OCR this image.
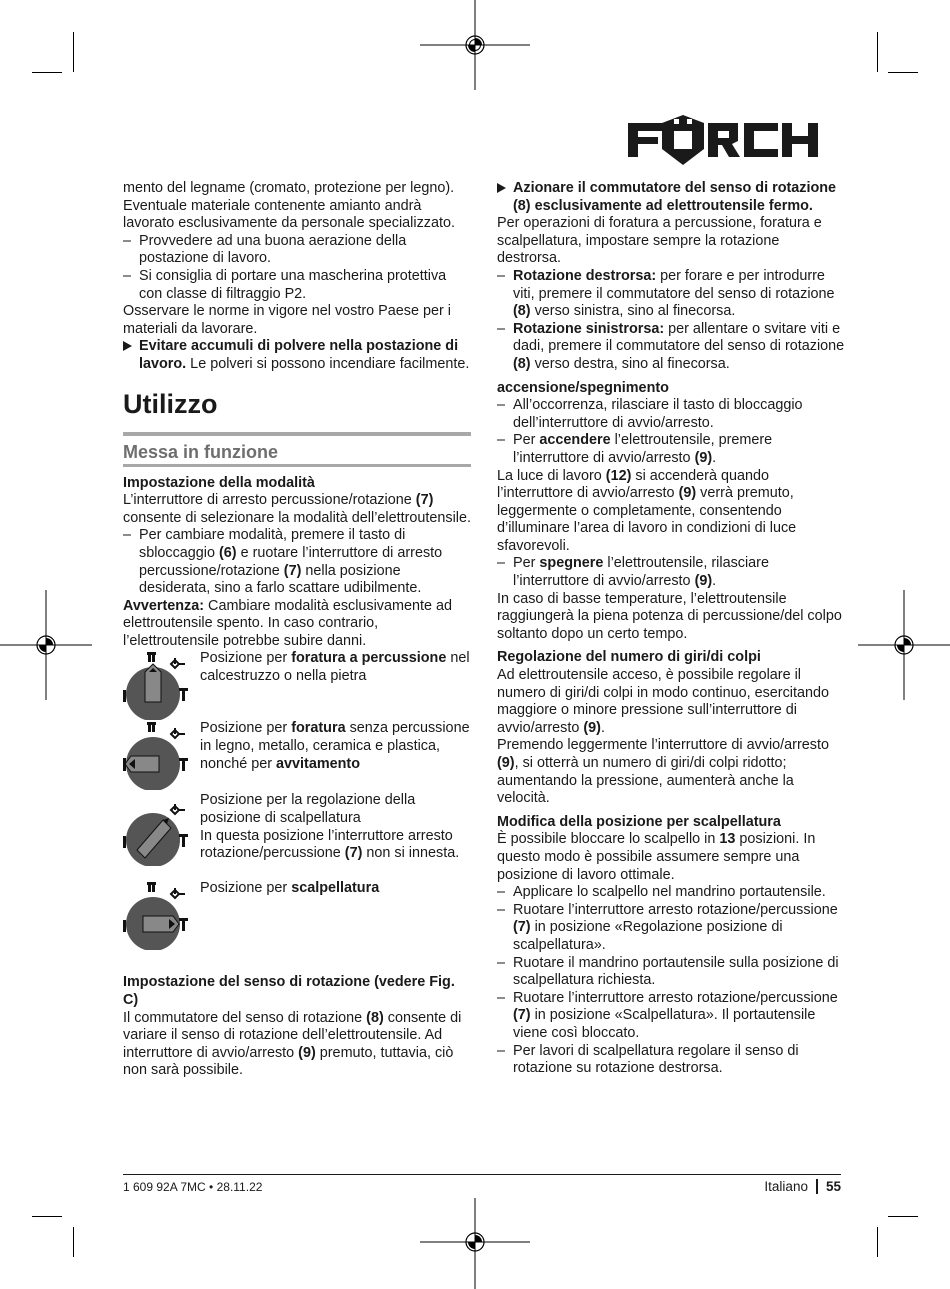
mento del legname (cromato, protezione per legno). Eventuale materiale contenente amianto andrà lavorato esclusivamente da personale specializzato.

– Provvedere ad una buona aerazione della postazione di lavoro.

– Si consiglia di portare una mascherina protettiva con classe di filtraggio P2.

Osservare le norme in vigore nel vostro Paese per i materiali da lavorare.

Evitare accumuli di polvere nella postazione di lavoro. Le polveri si possono incendiare facilmente.

Utilizzo
Messa in funzione

Impostazione della modalità

L’interruttore di arresto percussione/rotazione (7) consente di selezionare la modalità dell’elettroutensile.

– Per cambiare modalità, premere il tasto di sbloccaggio (6) e ruotare l’interruttore di arresto percussione/rotazione (7) nella posizione desiderata, sino a farlo scattare udibilmente.

Avvertenza: Cambiare modalità esclusivamente ad elettroutensile spento. In caso contrario, l’elettroutensile potrebbe subire danni.

Posizione per foratura a percussione nel calcestruzzo o nella pietra
Posizione per foratura senza percussione in legno, metallo, ceramica e plastica, nonché per avvitamento
Posizione per la regolazione della posizione di scalpellatura
In questa posizione l’interruttore arresto rotazione/percussione (7) non si innesta.
Posizione per scalpellatura

Impostazione del senso di rotazione (vedere Fig. C)

Il commutatore del senso di rotazione (8) consente di variare il senso di rotazione dell’elettroutensile. Ad interruttore di avvio/arresto (9) premuto, tuttavia, ciò non sarà possibile.

Azionare il commutatore del senso di rotazione (8) esclusivamente ad elettroutensile fermo.

Per operazioni di foratura a percussione, foratura e scalpellatura, impostare sempre la rotazione destrorsa.

– Rotazione destrorsa: per forare e per introdurre viti, premere il commutatore del senso di rotazione (8) verso sinistra, sino al finecorsa.

– Rotazione sinistrorsa: per allentare o svitare viti e dadi, premere il commutatore del senso di rotazione (8) verso destra, sino al finecorsa.

accensione/spegnimento

– All’occorrenza, rilasciare il tasto di bloccaggio dell’interruttore di avvio/arresto.

– Per accendere l’elettroutensile, premere l’interruttore di avvio/arresto (9).

La luce di lavoro (12) si accenderà quando l’interruttore di avvio/arresto (9) verrà premuto, leggermente o completamente, consentendo d’illuminare l’area di lavoro in condizioni di luce sfavorevoli.

– Per spegnere l’elettroutensile, rilasciare l’interruttore di avvio/arresto (9).

In caso di basse temperature, l’elettroutensile raggiungerà la piena potenza di percussione/del colpo soltanto dopo un certo tempo.

Regolazione del numero di giri/di colpi

Ad elettroutensile acceso, è possibile regolare il numero di giri/di colpi in modo continuo, esercitando maggiore o minore pressione sull’interruttore di avvio/arresto (9).

Premendo leggermente l’interruttore di avvio/arresto (9), si otterrà un numero di giri/di colpi ridotto; aumentando la pressione, aumenterà anche la velocità.

Modifica della posizione per scalpellatura

È possibile bloccare lo scalpello in 13 posizioni. In questo modo è possibile assumere sempre una posizione di lavoro ottimale.

– Applicare lo scalpello nel mandrino portautensile.

– Ruotare l’interruttore arresto rotazione/percussione (7) in posizione «Regolazione posizione di scalpellatura».

– Ruotare il mandrino portautensile sulla posizione di scalpellatura richiesta.

– Ruotare l’interruttore arresto rotazione/percussione (7) in posizione «Scalpellatura». Il portautensile viene così bloccato.

– Per lavori di scalpellatura regolare il senso di rotazione su rotazione destrorsa.

1 609 92A 7MC • 28.11.22	Italiano 55
